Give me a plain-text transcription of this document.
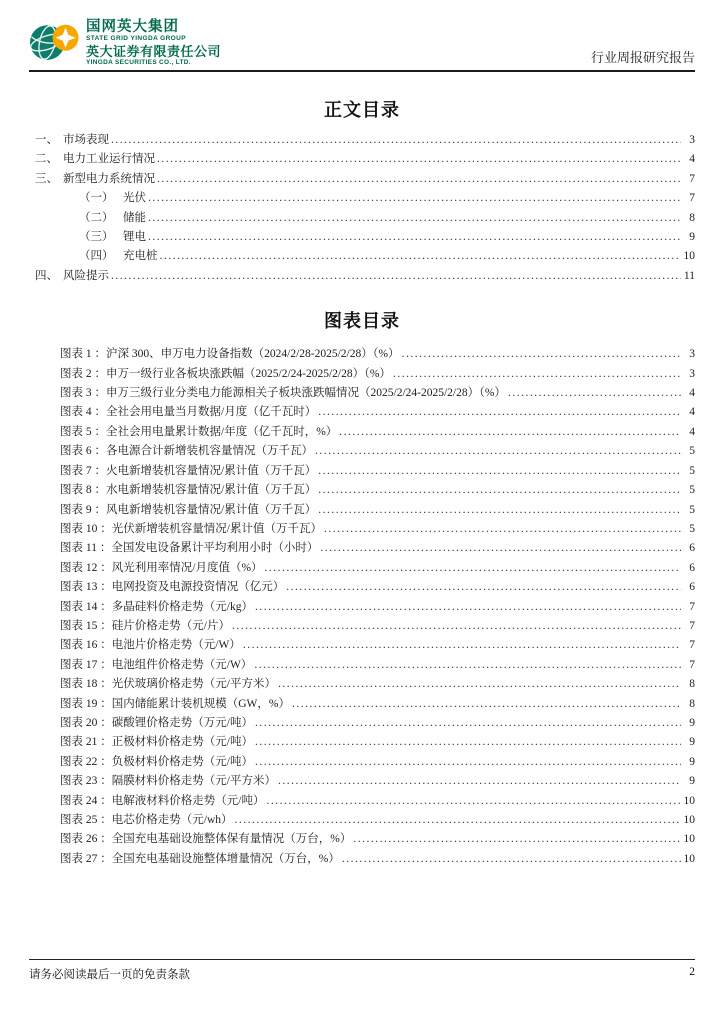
国网英大集团
STATE GRID YINGDA GROUP
英大证券有限责任公司
YINGDA SECURITIES CO., LTD.	行业周报研究报告
正文目录
一、 市场表现 .....	3
二、 电力工业运行情况 .....	4
三、 新型电力系统情况 .....	7
（一） 光伏 .....	7
（二） 储能 .....	8
（三） 锂电 .....	9
（四） 充电桩 .....	10
四、 风险提示 .....	11
图表目录
图表 1 ：沪深 300、申万电力设备指数（2024/2/28-2025/2/28）（%） .....	3
图表 2 ：申万一级行业各板块涨跌幅（2025/2/24-2025/2/28）（%） .....	3
图表 3 ：申万三级行业分类电力能源相关子板块涨跌幅情况（2025/2/24-2025/2/28）（%） .....	4
图表 4 ：全社会用电量当月数据/月度（亿千瓦时） .....	4
图表 5 ：全社会用电量累计数据/年度（亿千瓦时，%） .....	4
图表 6 ：各电源合计新增装机容量情况（万千瓦） .....	5
图表 7 ：火电新增装机容量情况/累计值（万千瓦） .....	5
图表 8 ：水电新增装机容量情况/累计值（万千瓦） .....	5
图表 9 ：风电新增装机容量情况/累计值（万千瓦） .....	5
图表 10 ：光伏新增装机容量情况/累计值（万千瓦） .....	5
图表 11 ：全国发电设备累计平均利用小时（小时） .....	6
图表 12 ：风光利用率情况/月度值（%） .....	6
图表 13 ：电网投资及电源投资情况（亿元） .....	6
图表 14 ：多晶硅料价格走势（元/kg） .....	7
图表 15 ：硅片价格走势（元/片） .....	7
图表 16 ：电池片价格走势（元/W） .....	7
图表 17 ：电池组件价格走势（元/W） .....	7
图表 18 ：光伏玻璃价格走势（元/平方米） .....	8
图表 19 ：国内储能累计装机规模（GW，%） .....	8
图表 20 ：碳酸锂价格走势（万元/吨） .....	9
图表 21 ：正极材料价格走势（元/吨） .....	9
图表 22 ：负极材料价格走势（元/吨） .....	9
图表 23 ：隔膜材料价格走势（元/平方米） .....	9
图表 24 ：电解液材料价格走势（元/吨） .....	10
图表 25 ：电芯价格走势（元/wh） .....	10
图表 26 ：全国充电基础设施整体保有量情况（万台，%） .....	10
图表 27 ：全国充电基础设施整体增量情况（万台，%） .....	10
请务必阅读最后一页的免责条款	2
